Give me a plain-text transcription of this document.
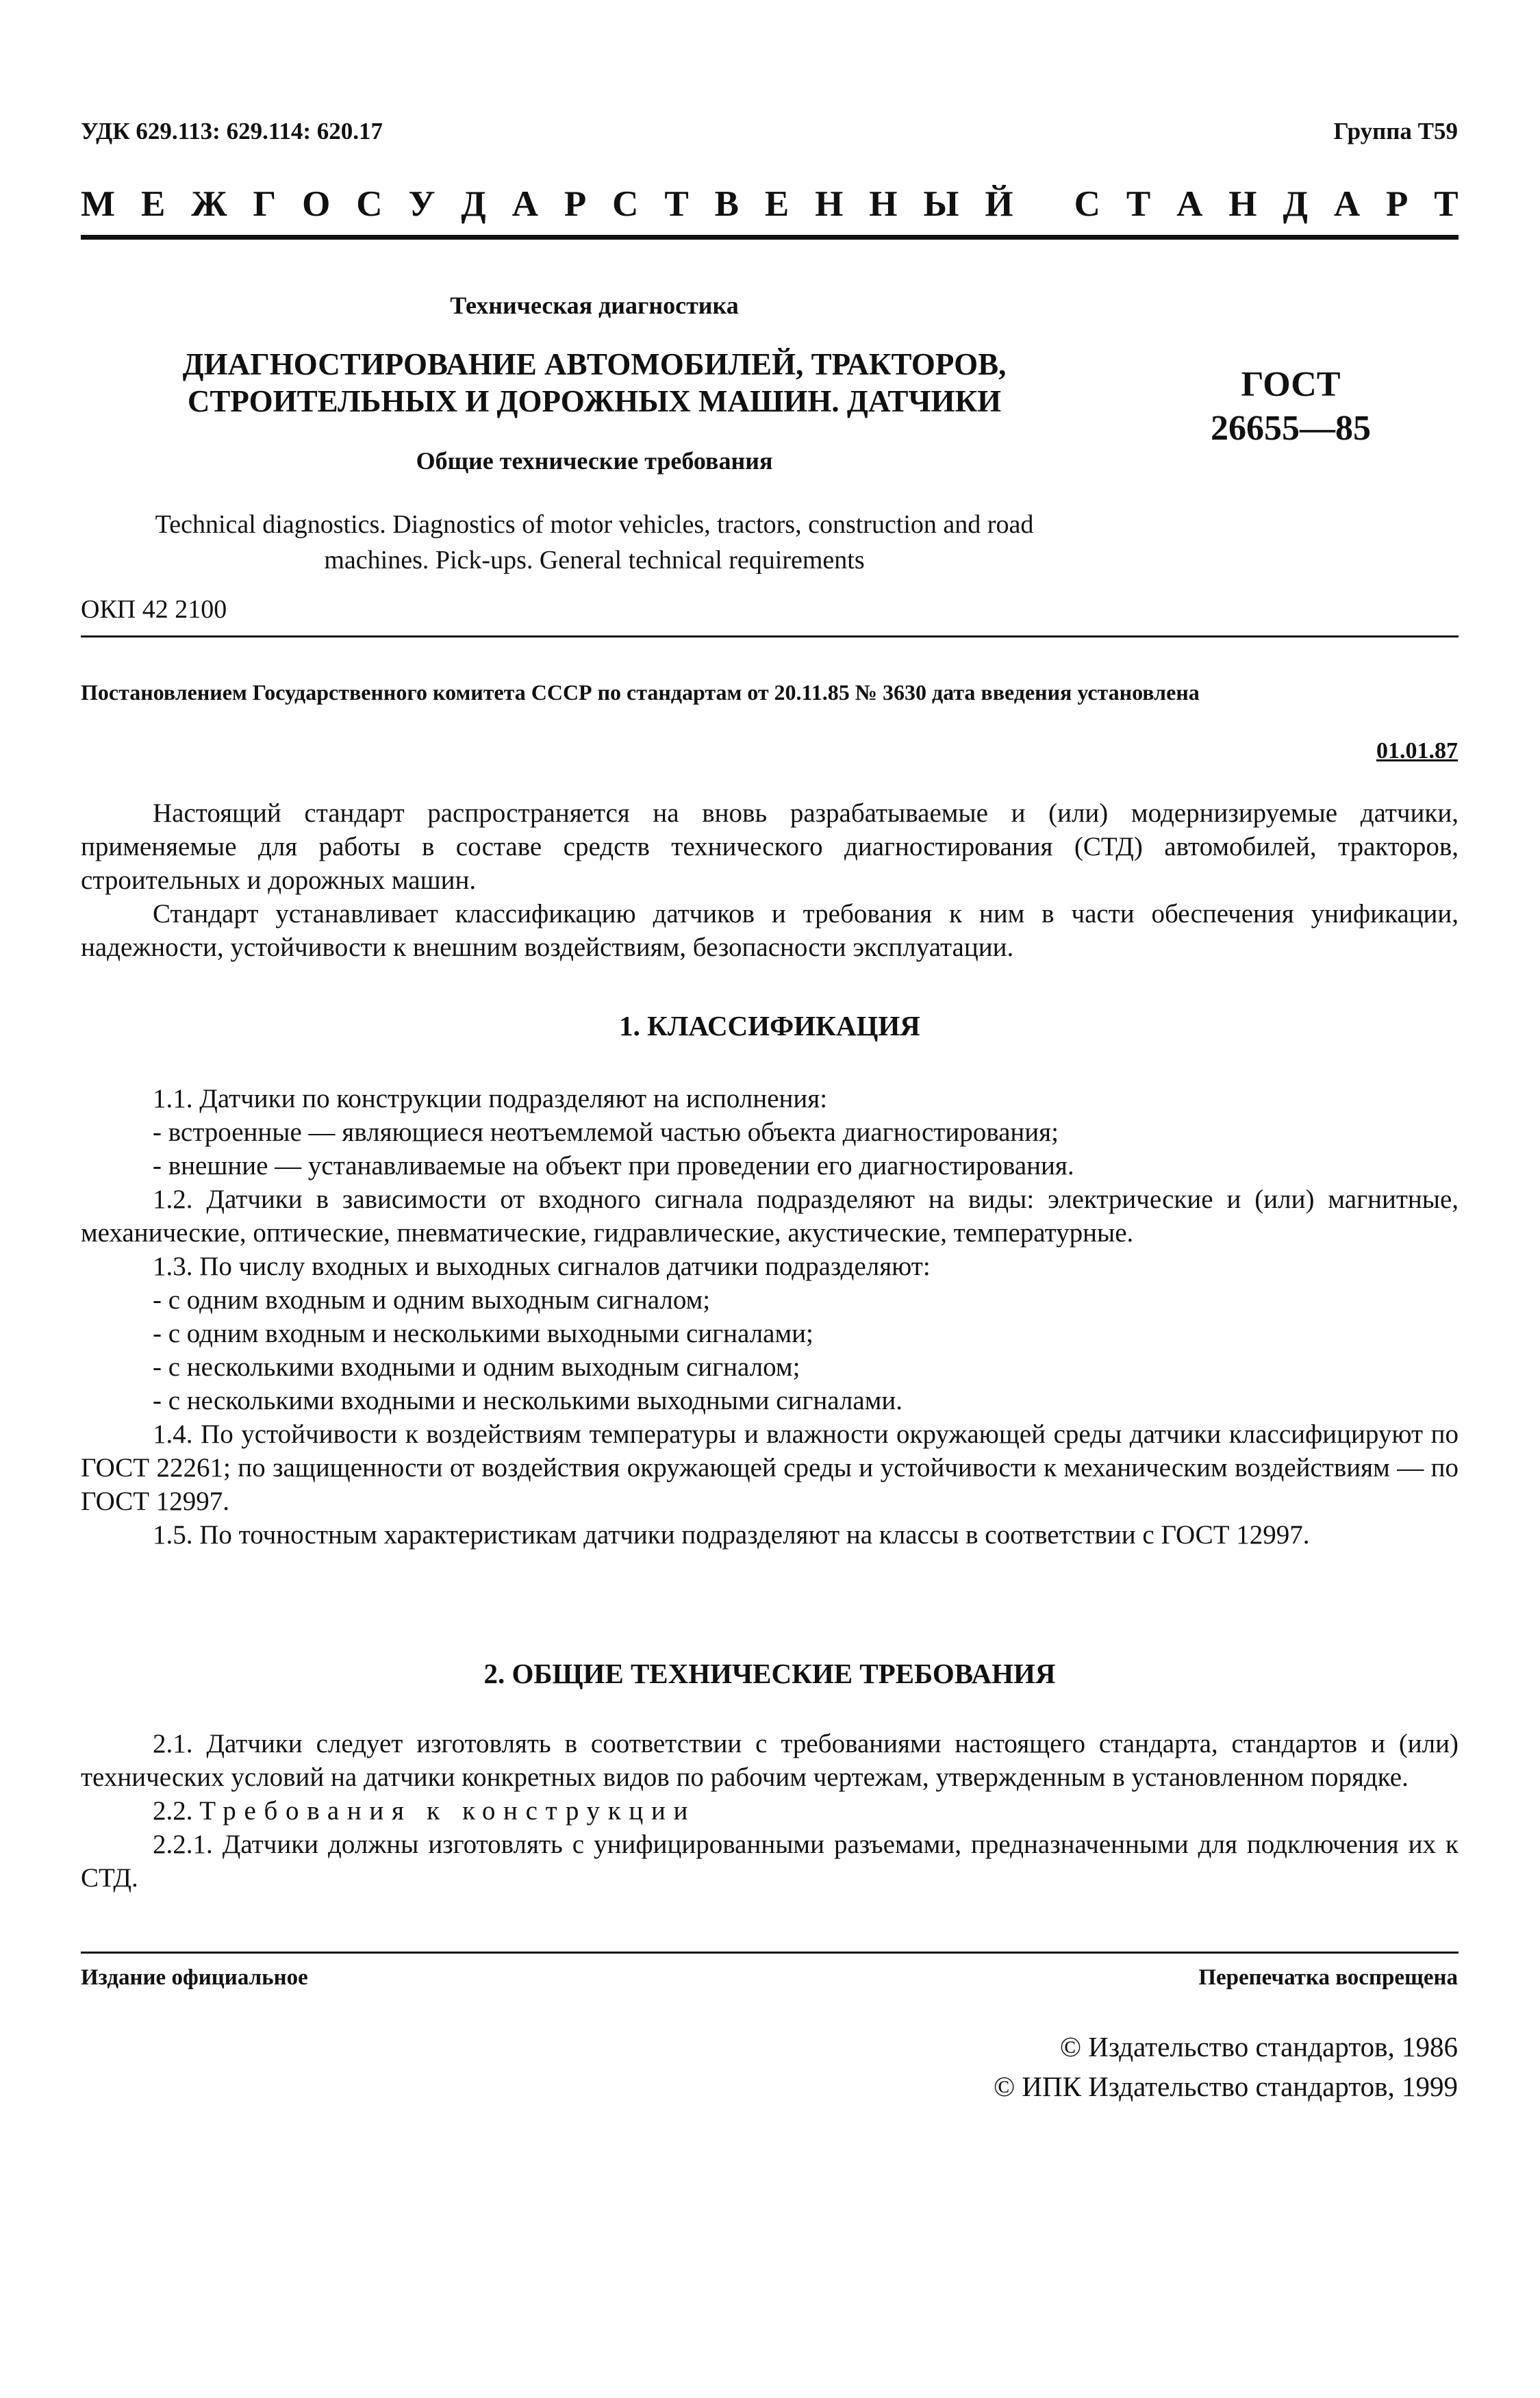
УДК 629.113: 629.114: 620.17	Группа Т59
М Е Ж Г О С У Д А Р С Т В Е Н Н Ы Й
С Т А Н Д А Р Т
Техническая диагностика
ДИАГНОСТИРОВАНИЕ АВТОМОБИЛЕЙ, ТРАКТОРОВ,
СТРОИТЕЛЬНЫХ И ДОРОЖНЫХ МАШИН. ДАТЧИКИ
Общие технические требования
ГОСТ
26655—85
Technical diagnostics. Diagnostics of motor vehicles, tractors, construction and road
machines. Pick-ups. General technical requirements
ОКП 42 2100
Постановлением Государственного комитета СССР по стандартам от 20.11.85 № 3630 дата введения установлена
01.01.87

Настоящий стандарт распространяется на вновь разрабатываемые и (или) модернизируемые датчики, применяемые для работы в составе средств технического диагностирования (СТД) автомобилей, тракторов, строительных и дорожных машин.

Стандарт устанавливает классификацию датчиков и требования к ним в части обеспечения унификации, надежности, устойчивости к внешним воздействиям, безопасности эксплуатации.

1. КЛАССИФИКАЦИЯ

1.1. Датчики по конструкции подразделяют на исполнения:

- встроенные — являющиеся неотъемлемой частью объекта диагностирования;

- внешние — устанавливаемые на объект при проведении его диагностирования.

1.2. Датчики в зависимости от входного сигнала подразделяют на виды: электрические и (или) магнитные, механические, оптические, пневматические, гидравлические, акустические, температурные.

1.3. По числу входных и выходных сигналов датчики подразделяют:

- с одним входным и одним выходным сигналом;

- с одним входным и несколькими выходными сигналами;

- с несколькими входными и одним выходным сигналом;

- с несколькими входными и несколькими выходными сигналами.

1.4. По устойчивости к воздействиям температуры и влажности окружающей среды датчики классифицируют по ГОСТ 22261; по защищенности от воздействия окружающей среды и устойчивости к механическим воздействиям — по ГОСТ 12997.

1.5. По точностным характеристикам датчики подразделяют на классы в соответствии с ГОСТ 12997.

2. ОБЩИЕ ТЕХНИЧЕСКИЕ ТРЕБОВАНИЯ

2.1. Датчики следует изготовлять в соответствии с требованиями настоящего стандарта, стандартов и (или) технических условий на датчики конкретных видов по рабочим чертежам, утвержденным в установленном порядке.

2.2. Требования к конструкции

2.2.1. Датчики должны изготовлять с унифицированными разъемами, предназначенными для подключения их к СТД.

Издание официальное	Перепечатка воспрещена
© Издательство стандартов, 1986
© ИПК Издательство стандартов, 1999
